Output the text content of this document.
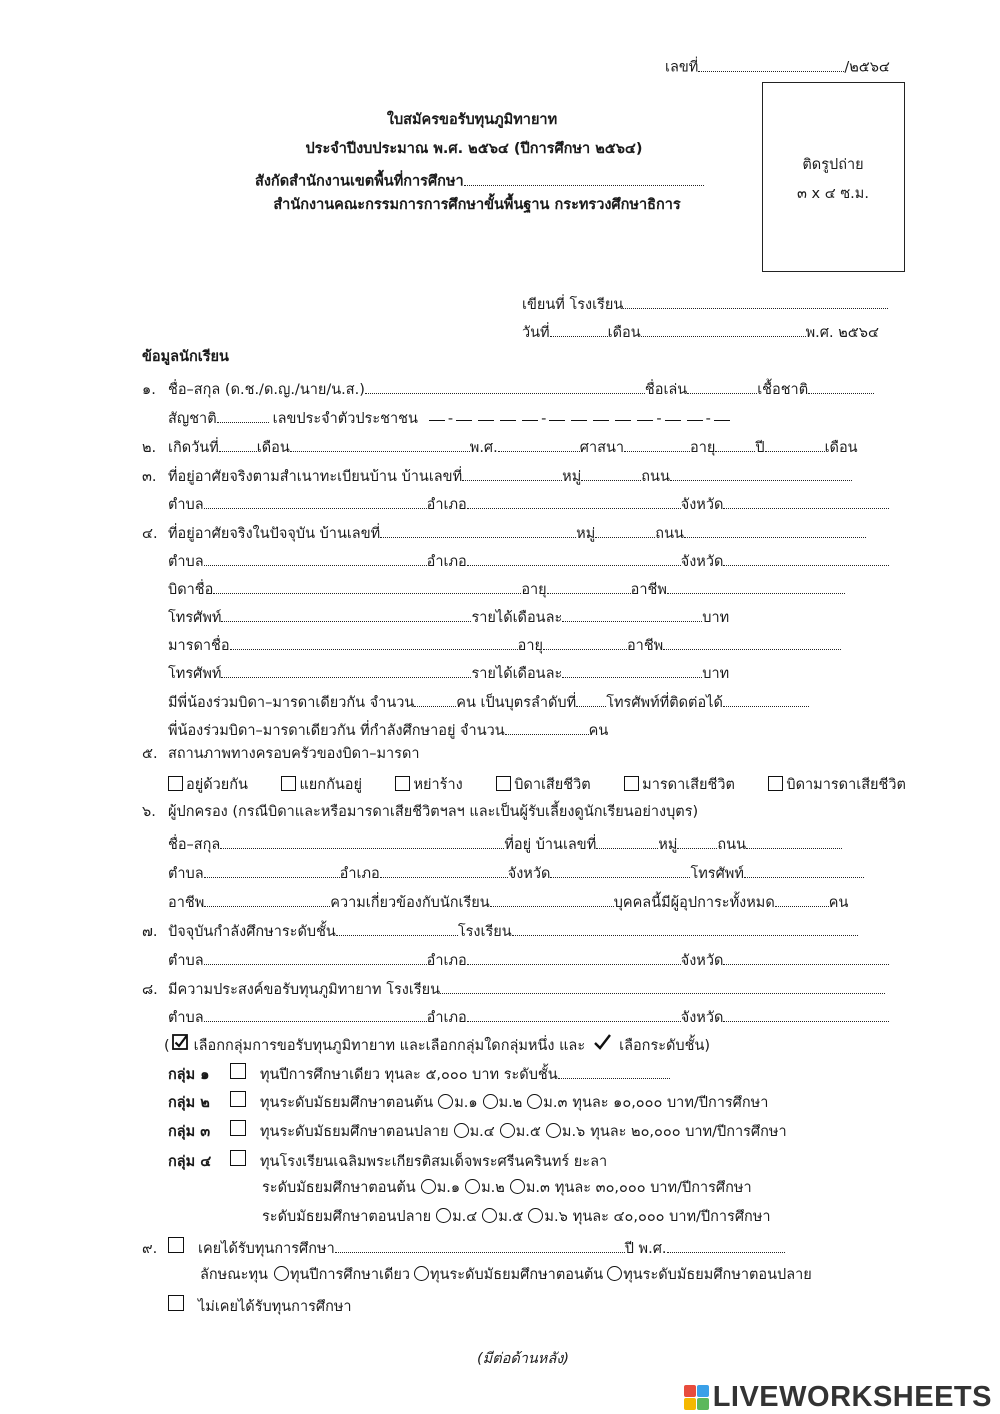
เลขที่	/๒๕๖๔
ติดรูปถ่าย
๓ x ๔ ซ.ม.
ใบสมัครขอรับทุนภูมิทายาท
ประจำปีงบประมาณ พ.ศ. ๒๕๖๔ (ปีการศึกษา ๒๕๖๔)
สังกัดสำนักงานเขตพื้นที่การศึกษา
สำนักงานคณะกรรมการการศึกษาขั้นพื้นฐาน กระทรวงศึกษาธิการ
เขียนที่ โรงเรียน
วันที่	เดือน	พ.ศ. ๒๕๖๔
ข้อมูลนักเรียน
๑. ชื่อ–สกุล (ด.ช./ด.ญ./นาย/น.ส.)	ชื่อเล่น	เชื้อชาติ
สัญชาติ	เลขประจำตัวประชาชน	-	-	-	-
๒. เกิดวันที่	เดือน	พ.ศ.	ศาสนา	อายุ	ปี	เดือน
๓. ที่อยู่อาศัยจริงตามสำเนาทะเบียนบ้าน บ้านเลขที่	หมู่	ถนน
ตำบล	อำเภอ	จังหวัด
๔. ที่อยู่อาศัยจริงในปัจจุบัน บ้านเลขที่	หมู่	ถนน
ตำบล	อำเภอ	จังหวัด
บิดาชื่อ	อายุ	อาชีพ
โทรศัพท์	รายได้เดือนละ	บาท
มารดาชื่อ	อายุ	อาชีพ
โทรศัพท์	รายได้เดือนละ	บาท
มีพี่น้องร่วมบิดา–มารดาเดียวกัน จำนวน	คน เป็นบุตรลำดับที่ โทรศัพท์ที่ติดต่อได้
พี่น้องร่วมบิดา–มารดาเดียวกัน ที่กำลังศึกษาอยู่ จำนวน	คน
๕. สถานภาพทางครอบครัวของบิดา–มารดา
อยู่ด้วยกัน	แยกกันอยู่	หย่าร้าง	บิดาเสียชีวิต	มารดาเสียชีวิต	บิดามารดาเสียชีวิต
๖. ผู้ปกครอง (กรณีบิดาและหรือมารดาเสียชีวิตฯลฯ และเป็นผู้รับเลี้ยงดูนักเรียนอย่างบุตร)
ชื่อ–สกุล	ที่อยู่ บ้านเลขที่	หมู่	ถนน
ตำบล	อำเภอ	จังหวัด	โทรศัพท์
อาชีพ	ความเกี่ยวข้องกับนักเรียน	บุคคลนี้มีผู้อุปการะทั้งหมด	คน
๗. ปัจจุบันกำลังศึกษาระดับชั้น	โรงเรียน
ตำบล	อำเภอ	จังหวัด
๘. มีความประสงค์ขอรับทุนภูมิทายาท โรงเรียน
ตำบล	อำเภอ	จังหวัด
( เลือกกลุ่มการขอรับทุนภูมิทายาท และเลือกกลุ่มใดกลุ่มหนึ่ง และ เลือกระดับชั้น)
กลุ่ม ๑	ทุนปีการศึกษาเดียว ทุนละ ๕,๐๐๐ บาท ระดับชั้น
กลุ่ม ๒	ทุนระดับมัธยมศึกษาตอนต้น	ม.๑	ม.๒	ม.๓ ทุนละ ๑๐,๐๐๐ บาท/ปีการศึกษา
กลุ่ม ๓	ทุนระดับมัธยมศึกษาตอนปลาย	ม.๔	ม.๕	ม.๖ ทุนละ ๒๐,๐๐๐ บาท/ปีการศึกษา
กลุ่ม ๔	ทุนโรงเรียนเฉลิมพระเกียรติสมเด็จพระศรีนครินทร์ ยะลา
ระดับมัธยมศึกษาตอนต้น	ม.๑	ม.๒	ม.๓ ทุนละ ๓๐,๐๐๐ บาท/ปีการศึกษา
ระดับมัธยมศึกษาตอนปลาย	ม.๔	ม.๕	ม.๖ ทุนละ ๔๐,๐๐๐ บาท/ปีการศึกษา
๙.	เคยได้รับทุนการศึกษา	ปี พ.ศ.
ลักษณะทุน	ทุนปีการศึกษาเดียว	ทุนระดับมัธยมศึกษาตอนต้น	ทุนระดับมัธยมศึกษาตอนปลาย
ไม่เคยได้รับทุนการศึกษา
(มีต่อด้านหลัง)
LIVEWORKSHEETS
